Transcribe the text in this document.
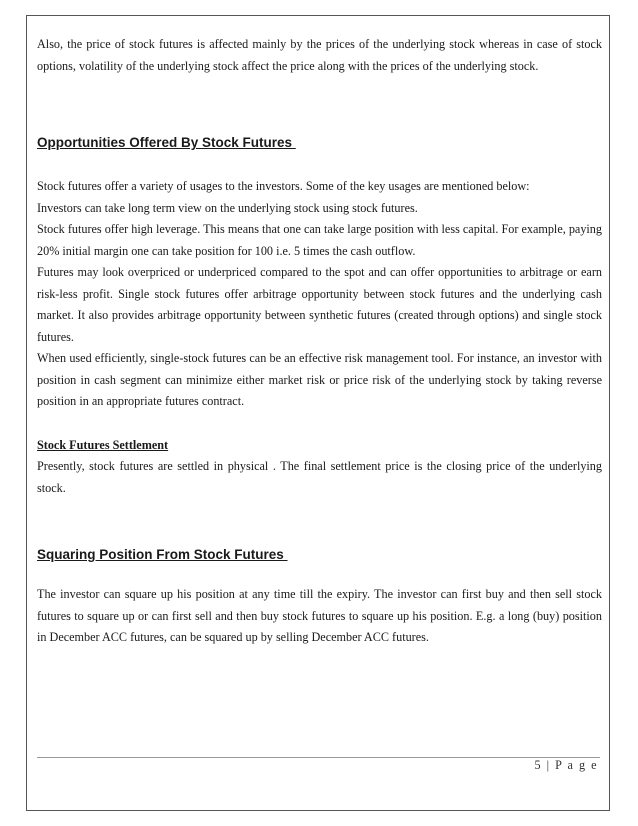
Also, the price of stock futures is affected mainly by the prices of the underlying stock whereas in case of stock options, volatility of the underlying stock affect the price along with the prices of the underlying stock.

Opportunities Offered By Stock Futures

Stock futures offer a variety of usages to the investors. Some of the key usages are mentioned below:

Investors can take long term view on the underlying stock using stock futures.

Stock futures offer high leverage. This means that one can take large position with less capital. For example, paying 20% initial margin one can take position for 100 i.e. 5 times the cash outflow.

Futures may look overpriced or underpriced compared to the spot and can offer opportunities to arbitrage or earn risk-less profit. Single stock futures offer arbitrage opportunity between stock futures and the underlying cash market. It also provides arbitrage opportunity between synthetic futures (created through options) and single stock futures.

When used efficiently, single-stock futures can be an effective risk management tool. For instance, an investor with position in cash segment can minimize either market risk or price risk of the underlying stock by taking reverse position in an appropriate futures contract.

Stock Futures Settlement

Presently, stock futures are settled in physical . The final settlement price is the closing price of the underlying stock.

Squaring Position From Stock Futures

The investor can square up his position at any time till the expiry. The investor can first buy and then sell stock futures to square up or can first sell and then buy stock futures to square up his position. E.g. a long (buy) position in December ACC futures, can be squared up by selling December ACC futures.

5 | P a g e
